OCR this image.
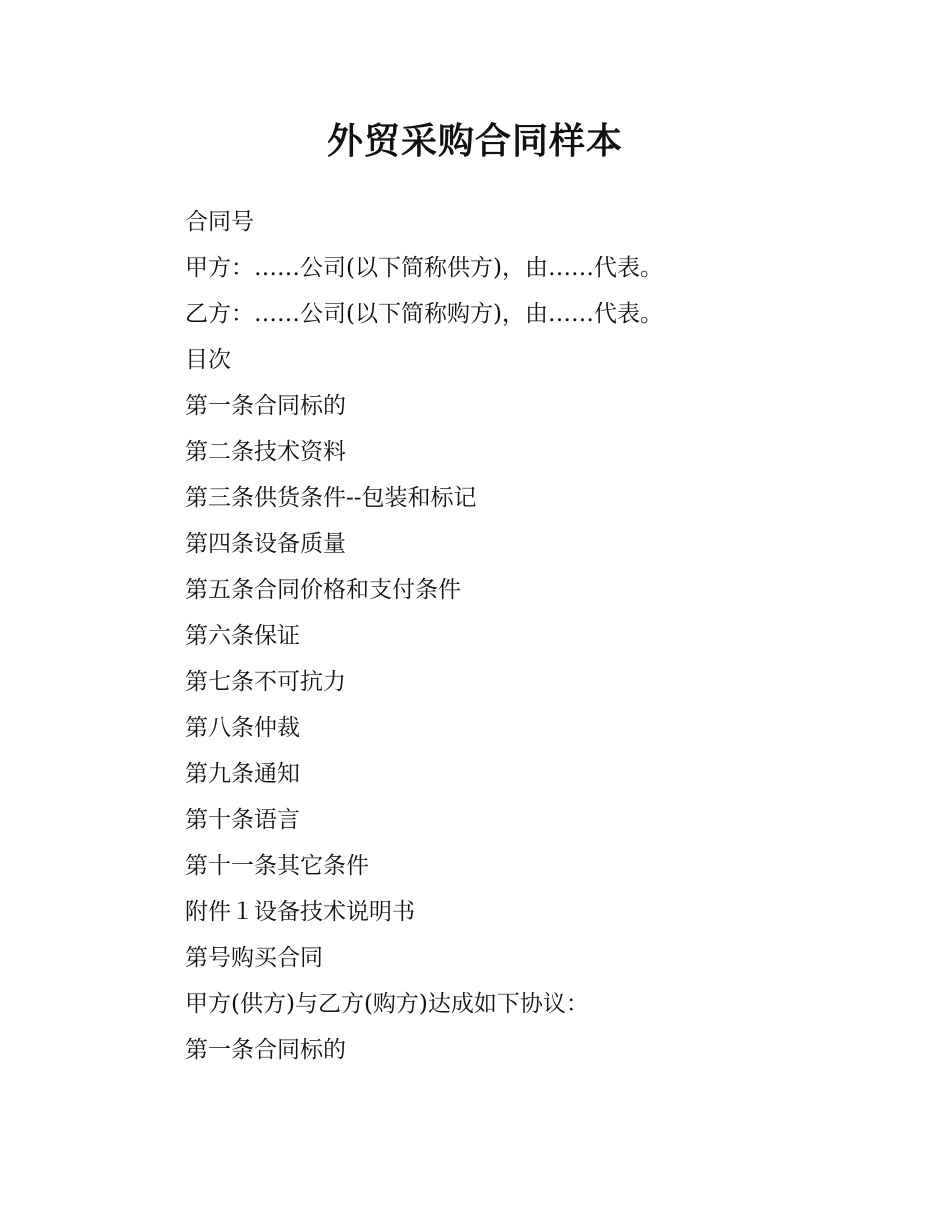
外贸采购合同样本

合同号

甲方：……公司(以下简称供方)，由……代表。

乙方：……公司(以下简称购方)，由……代表。

目次

第一条合同标的

第二条技术资料

第三条供货条件--包装和标记

第四条设备质量

第五条合同价格和支付条件

第六条保证

第七条不可抗力

第八条仲裁

第九条通知

第十条语言

第十一条其它条件

附件１设备技术说明书

第号购买合同

甲方(供方)与乙方(购方)达成如下协议：

第一条合同标的
